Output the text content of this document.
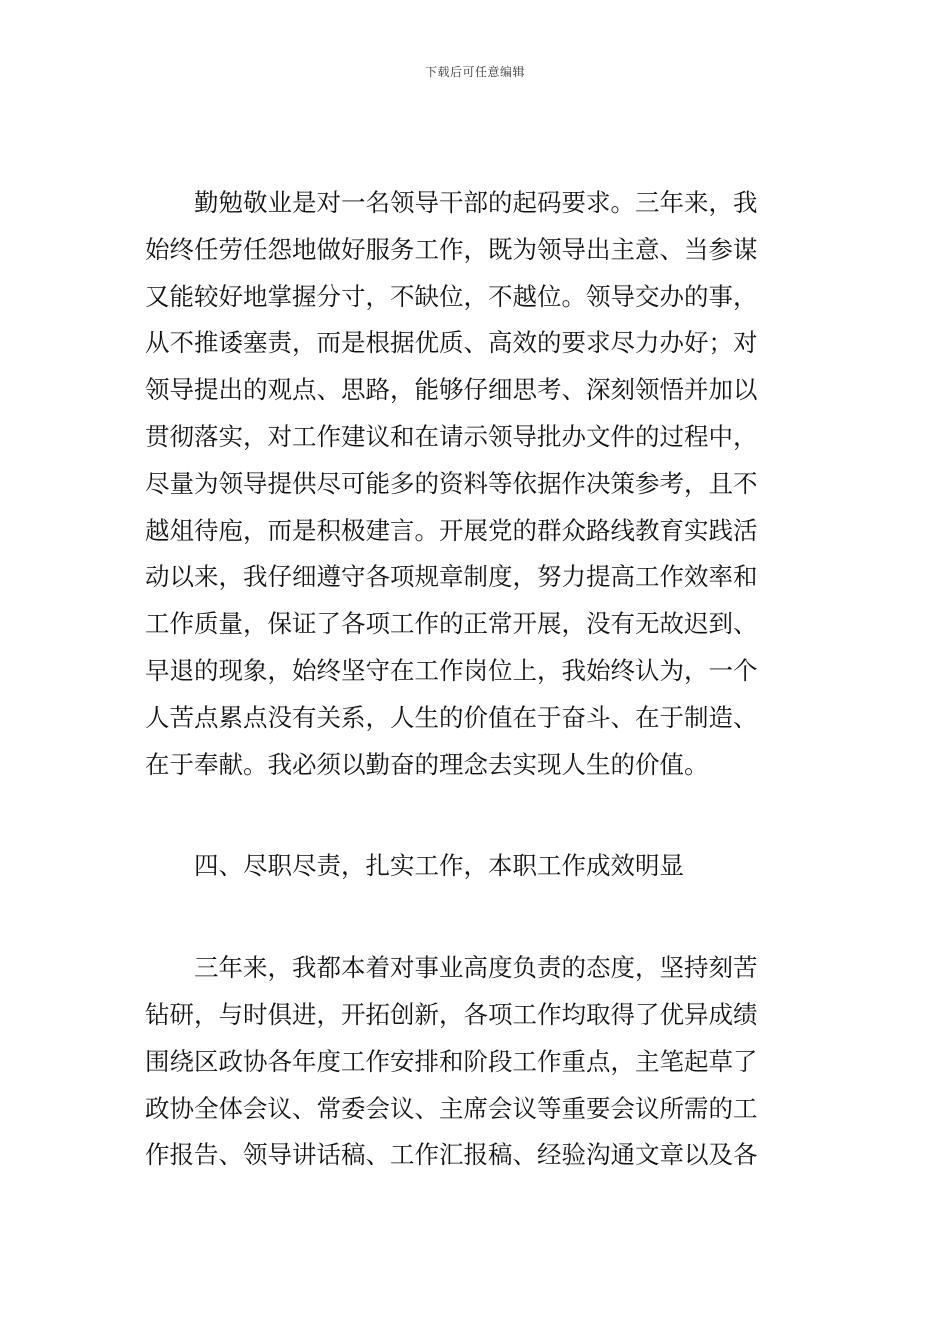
下载后可任意编辑
勤勉敬业是对一名领导干部的起码要求。三年来，我
始终任劳任怨地做好服务工作，既为领导出主意、当参谋
又能较好地掌握分寸，不缺位，不越位。领导交办的事，
从不推诿塞责，而是根据优质、高效的要求尽力办好；对
领导提出的观点、思路，能够仔细思考、深刻领悟并加以
贯彻落实，对工作建议和在请示领导批办文件的过程中，
尽量为领导提供尽可能多的资料等依据作决策参考，且不
越俎待庖，而是积极建言。开展党的群众路线教育实践活
动以来，我仔细遵守各项规章制度，努力提高工作效率和
工作质量，保证了各项工作的正常开展，没有无故迟到、
早退的现象，始终坚守在工作岗位上，我始终认为，一个
人苦点累点没有关系，人生的价值在于奋斗、在于制造、
在于奉献。我必须以勤奋的理念去实现人生的价值。
四、尽职尽责，扎实工作，本职工作成效明显
三年来，我都本着对事业高度负责的态度，坚持刻苦
钻研，与时俱进，开拓创新，各项工作均取得了优异成绩
围绕区政协各年度工作安排和阶段工作重点，主笔起草了
政协全体会议、常委会议、主席会议等重要会议所需的工
作报告、领导讲话稿、工作汇报稿、经验沟通文章以及各
